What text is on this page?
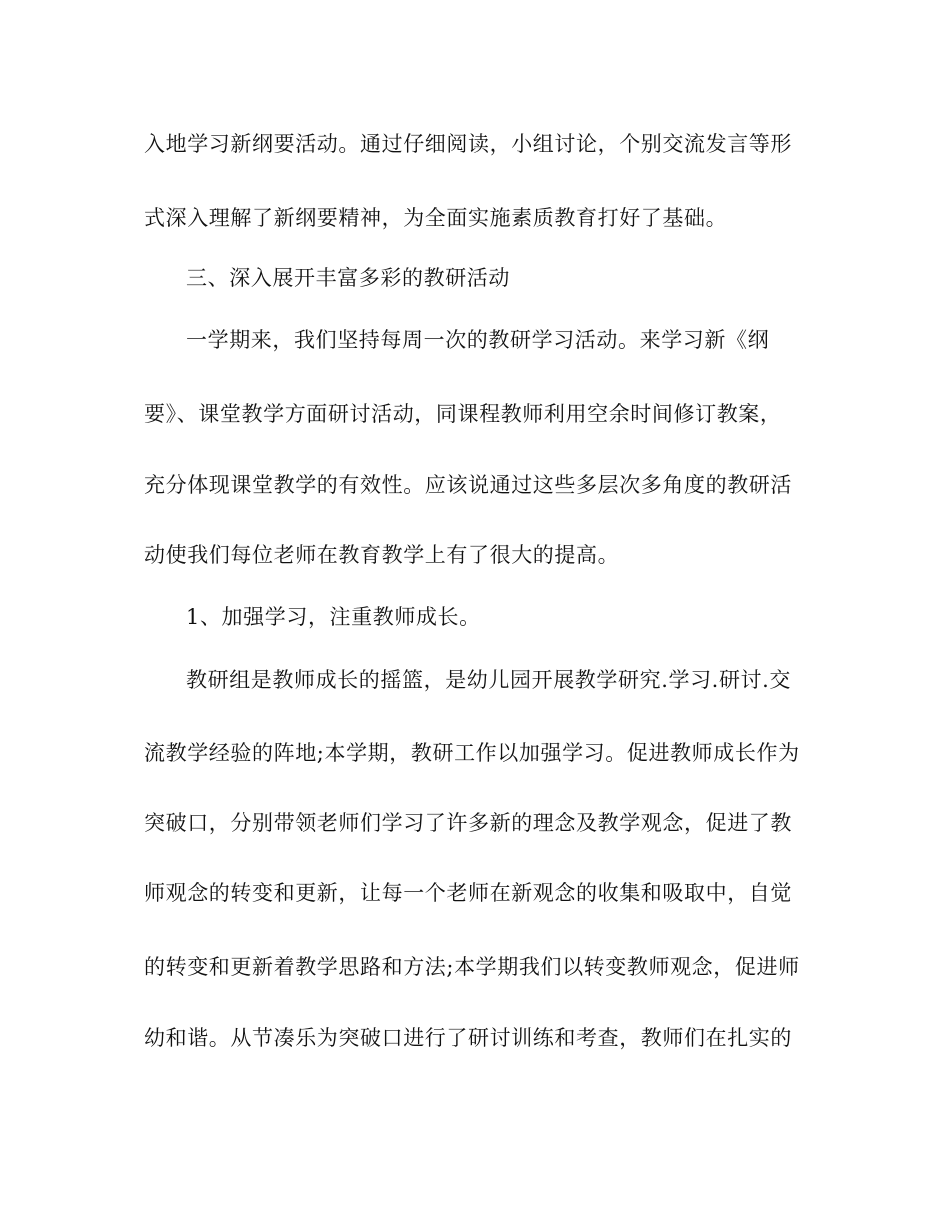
入地学习新纲要活动。通过仔细阅读，小组讨论，个别交流发言等形

式深入理解了新纲要精神，为全面实施素质教育打好了基础。

三、深入展开丰富多彩的教研活动

一学期来，我们坚持每周一次的教研学习活动。来学习新《纲

要》、课堂教学方面研讨活动，同课程教师利用空余时间修订教案，

充分体现课堂教学的有效性。应该说通过这些多层次多角度的教研活

动使我们每位老师在教育教学上有了很大的提高。

1、加强学习，注重教师成长。

教研组是教师成长的摇篮，是幼儿园开展教学研究.学习.研讨.交

流教学经验的阵地;本学期，教研工作以加强学习。促进教师成长作为

突破口，分别带领老师们学习了许多新的理念及教学观念，促进了教

师观念的转变和更新，让每一个老师在新观念的收集和吸取中，自觉

的转变和更新着教学思路和方法;本学期我们以转变教师观念，促进师

幼和谐。从节凑乐为突破口进行了研讨训练和考查，教师们在扎实的
